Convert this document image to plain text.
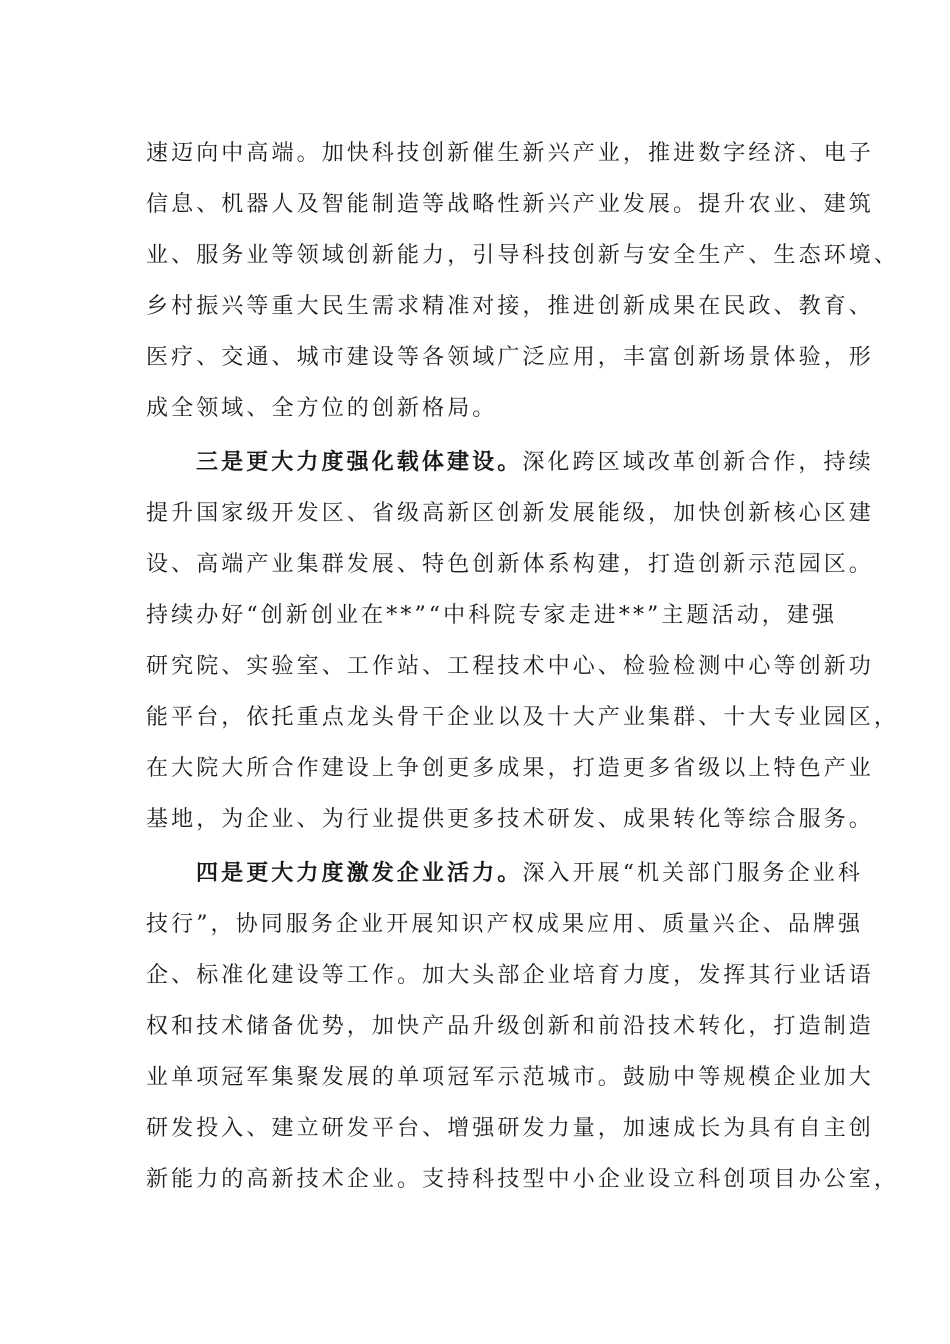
速迈向中高端。加快科技创新催生新兴产业，推进数字经济、电子
信息、机器人及智能制造等战略性新兴产业发展。提升农业、建筑
业、服务业等领域创新能力，引导科技创新与安全生产、生态环境、
乡村振兴等重大民生需求精准对接，推进创新成果在民政、教育、
医疗、交通、城市建设等各领域广泛应用，丰富创新场景体验，形
成全领域、全方位的创新格局。
三是更大力度强化载体建设。深化跨区域改革创新合作，持续
提升国家级开发区、省级高新区创新发展能级，加快创新核心区建
设、高端产业集群发展、特色创新体系构建，打造创新示范园区。
持续办好“创新创业在**”“中科院专家走进**”主题活动，建强
研究院、实验室、工作站、工程技术中心、检验检测中心等创新功
能平台，依托重点龙头骨干企业以及十大产业集群、十大专业园区，
在大院大所合作建设上争创更多成果，打造更多省级以上特色产业
基地，为企业、为行业提供更多技术研发、成果转化等综合服务。
四是更大力度激发企业活力。深入开展“机关部门服务企业科
技行”，协同服务企业开展知识产权成果应用、质量兴企、品牌强
企、标准化建设等工作。加大头部企业培育力度，发挥其行业话语
权和技术储备优势，加快产品升级创新和前沿技术转化，打造制造
业单项冠军集聚发展的单项冠军示范城市。鼓励中等规模企业加大
研发投入、建立研发平台、增强研发力量，加速成长为具有自主创
新能力的高新技术企业。支持科技型中小企业设立科创项目办公室，
